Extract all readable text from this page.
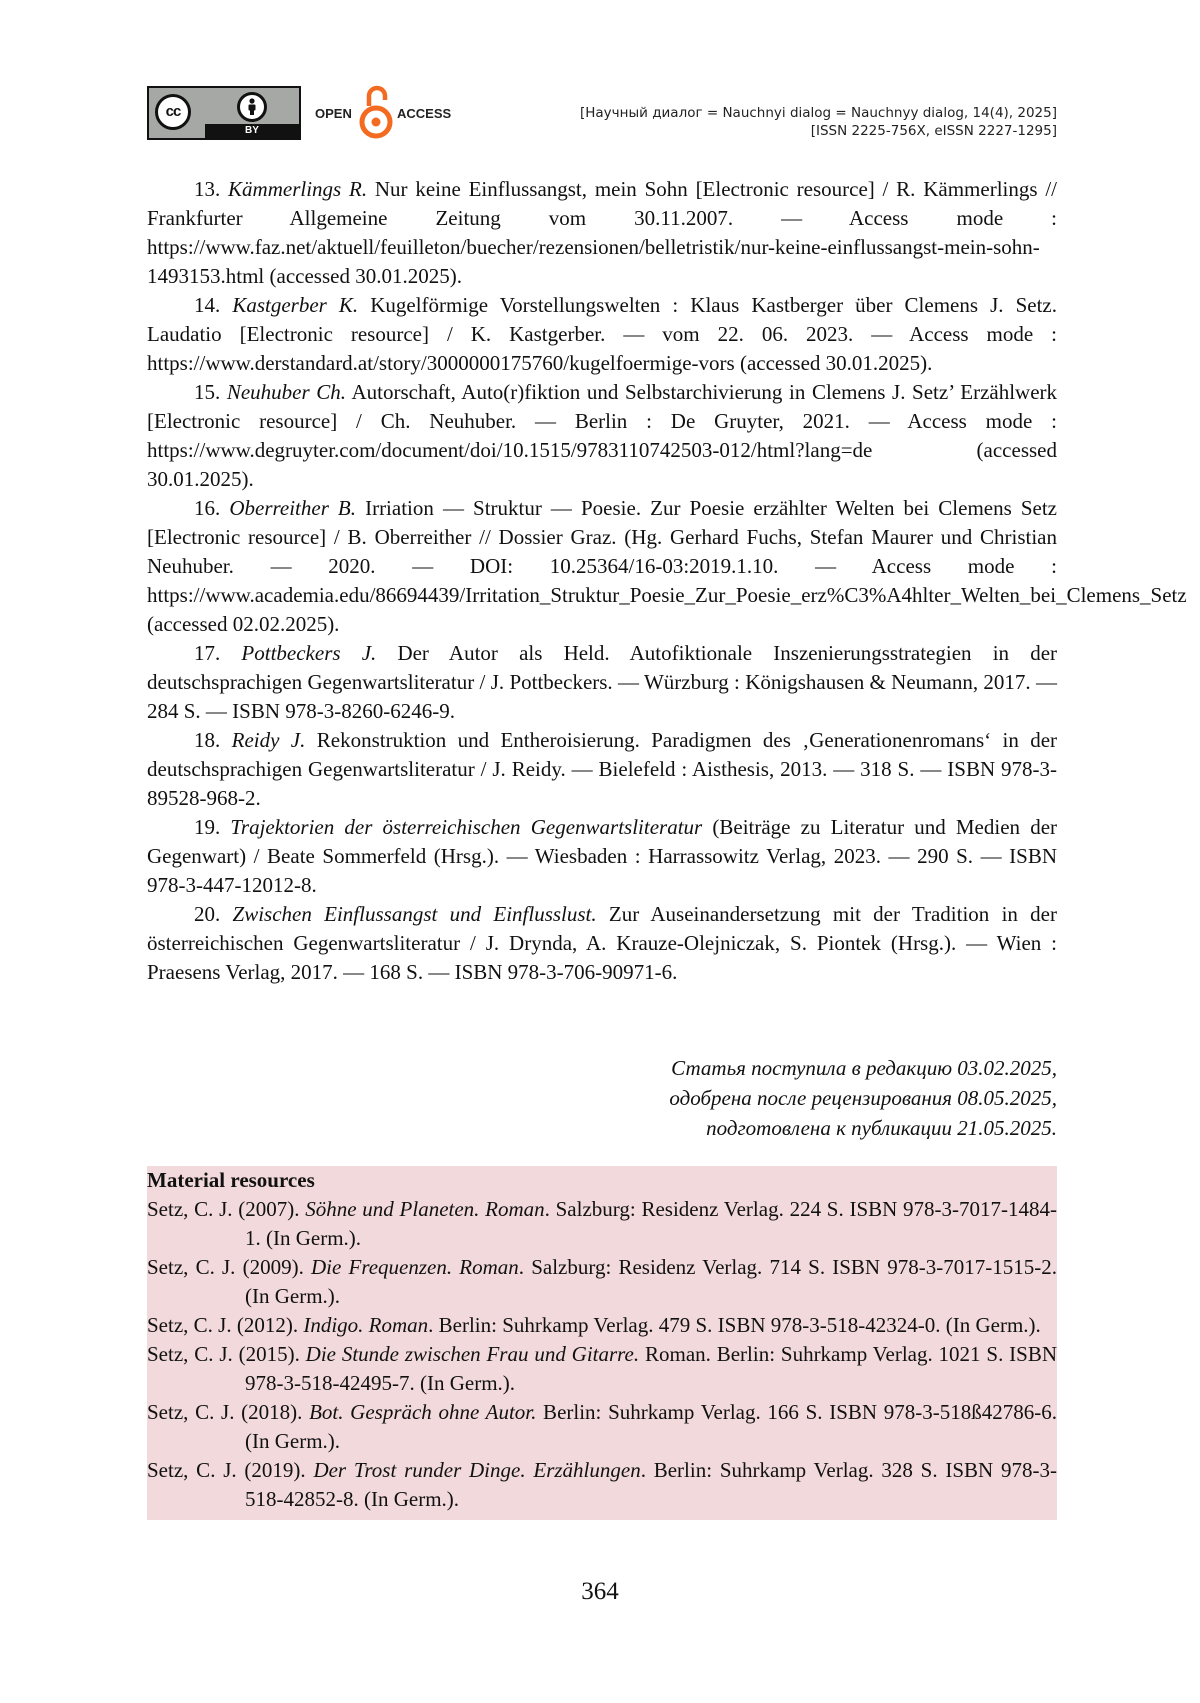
cc
BY
OPEN	ACCESS	[Научный диалог = Nauchnyi dialog = Nauchnyy dialog, 14(4), 2025]
[ISSN 2225-756X, eISSN 2227-1295]

13. Kämmerlings R. Nur keine Einflussangst, mein Sohn [Electronic resource] / R. Kämmerlings // Frankfurter Allgemeine Zeitung vom 30.11.2007. — Access mode : https://www.faz.net/aktuell/feuilleton/buecher/rezensionen/belletristik/nur-keine-einflussangst-mein-sohn-1493153.html (accessed 30.01.2025).

14. Kastgerber K. Kugelförmige Vorstellungswelten : Klaus Kastberger über Clemens J. Setz. Laudatio [Electronic resource] / K. Kastgerber. — vom 22. 06. 2023. — Access mode : https://www.derstandard.at/story/3000000175760/kugelfoermige-vors (accessed 30.01.2025).

15. Neuhuber Ch. Autorschaft, Auto(r)fiktion und Selbstarchivierung in Clemens J. Setz’ Erzählwerk [Electronic resource] / Ch. Neuhuber. — Berlin : De Gruyter, 2021. — Access mode : https://www.degruyter.com/document/doi/10.1515/9783110742503-012/html?lang=de (accessed 30.01.2025).

16. Oberreither B. Irriation — Struktur — Poesie. Zur Poesie erzählter Welten bei Clemens Setz [Electronic resource] / B. Oberreither // Dossier Graz. (Hg. Gerhard Fuchs, Stefan Maurer und Christian Neuhuber. — 2020. — DOI: 10.25364/16-03:2019.1.10. — Access mode : https://www.academia.edu/86694439/Irritation_Struktur_Poesie_Zur_Poesie_erz%C3%A4hlter_Welten_bei_Clemens_Setz (accessed 02.02.2025).

17. Pottbeckers J. Der Autor als Held. Autofiktionale Inszenierungsstrategien in der deutschsprachigen Gegenwartsliteratur / J. Pottbeckers. — Würzburg : Königshausen & Neumann, 2017. — 284 S. — ISBN 978-3-8260-6246-9.

18. Reidy J. Rekonstruktion und Entheroisierung. Paradigmen des ‚Generationenromans‘ in der deutschsprachigen Gegenwartsliteratur / J. Reidy. — Bielefeld : Aisthesis, 2013. — 318 S. — ISBN 978-3-89528-968-2.

19. Trajektorien der österreichischen Gegenwartsliteratur (Beiträge zu Literatur und Medien der Gegenwart) / Beate Sommerfeld (Hrsg.). — Wiesbaden : Harrassowitz Verlag, 2023. — 290 S. — ISBN 978-3-447-12012-8.

20. Zwischen Einflussangst und Einflusslust. Zur Auseinandersetzung mit der Tradition in der österreichischen Gegenwartsliteratur / J. Drynda, A. Krauze-Olejniczak, S. Piontek (Hrsg.). — Wien : Praesens Verlag, 2017. — 168 S. — ISBN 978-3-706-90971-6.

Статья поступила в редакцию 03.02.2025,
одобрена после рецензирования 08.05.2025,
подготовлена к публикации 21.05.2025.
Material resources

Setz, C. J. (2007). Söhne und Planeten. Roman. Salzburg: Residenz Verlag. 224 S. ISBN 978-3-7017-1484-1. (In Germ.).

Setz, C. J. (2009). Die Frequenzen. Roman. Salzburg: Residenz Verlag. 714 S. ISBN 978-3-7017-1515-2. (In Germ.).

Setz, C. J. (2012). Indigo. Roman. Berlin: Suhrkamp Verlag. 479 S. ISBN 978-3-518-42324-0. (In Germ.).

Setz, C. J. (2015). Die Stunde zwischen Frau und Gitarre. Roman. Berlin: Suhrkamp Verlag. 1021 S. ISBN 978-3-518-42495-7. (In Germ.).

Setz, C. J. (2018). Bot. Gespräch ohne Autor. Berlin: Suhrkamp Verlag. 166 S. ISBN 978-3-518ß42786-6. (In Germ.).

Setz, C. J. (2019). Der Trost runder Dinge. Erzählungen. Berlin: Suhrkamp Verlag. 328 S. ISBN 978-3-518-42852-8. (In Germ.).

364
